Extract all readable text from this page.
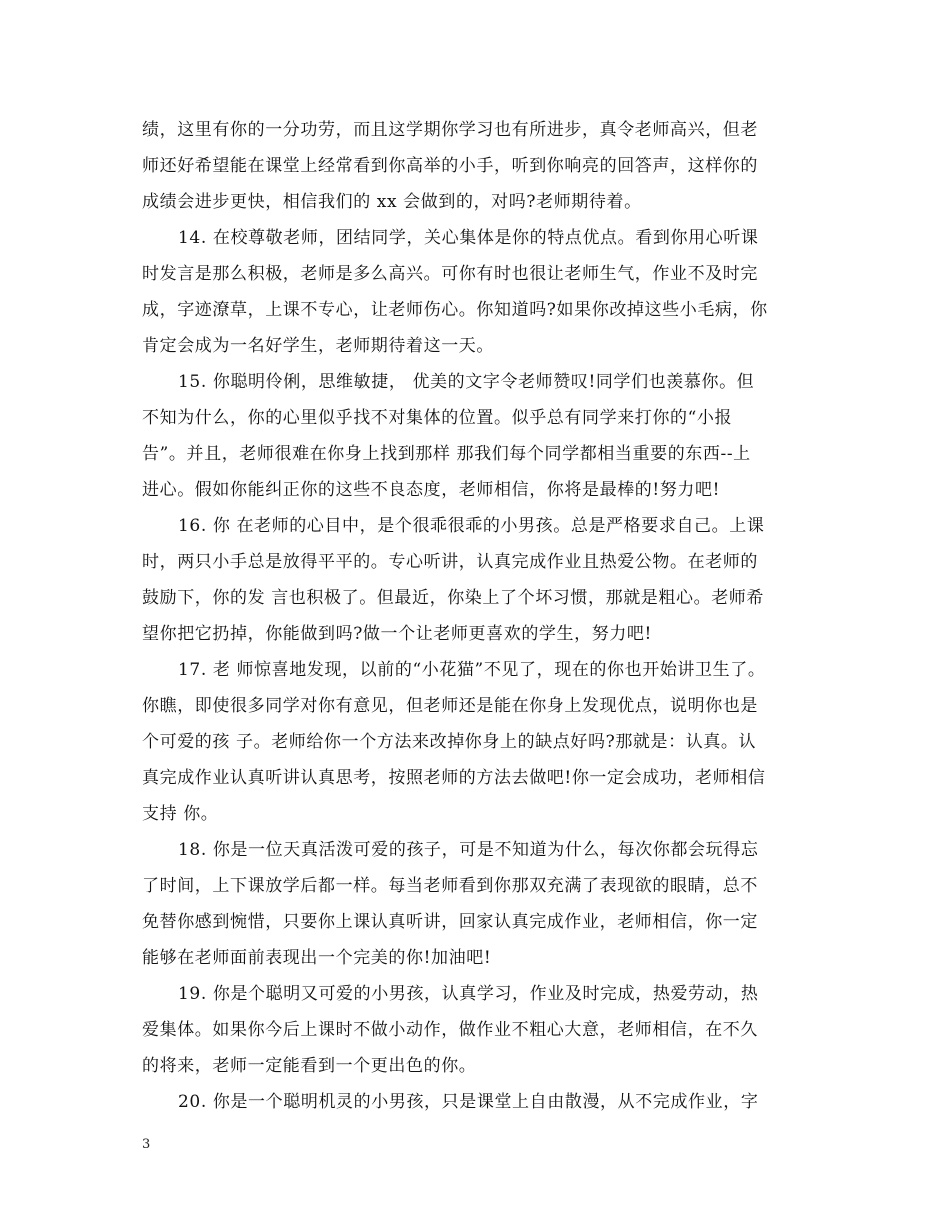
绩，这里有你的一分功劳，而且这学期你学习也有所进步，真令老师高兴，但老
师还好希望能在课堂上经常看到你高举的小手，听到你响亮的回答声，这样你的
成绩会进步更快，相信我们的 xx 会做到的，对吗?老师期待着。
14. 在校尊敬老师，团结同学，关心集体是你的特点优点。看到你用心听课
时发言是那么积极，老师是多么高兴。可你有时也很让老师生气，作业不及时完
成，字迹潦草，上课不专心，让老师伤心。你知道吗?如果你改掉这些小毛病，你
肯定会成为一名好学生，老师期待着这一天。
15. 你聪明伶俐，思维敏捷， 优美的文字令老师赞叹!同学们也羡慕你。但
不知为什么，你的心里似乎找不对集体的位置。似乎总有同学来打你的“小报
告”。并且，老师很难在你身上找到那样 那我们每个同学都相当重要的东西--上
进心。假如你能纠正你的这些不良态度，老师相信，你将是最棒的!努力吧!
16. 你 在老师的心目中，是个很乖很乖的小男孩。总是严格要求自己。上课
时，两只小手总是放得平平的。专心听讲，认真完成作业且热爱公物。在老师的
鼓励下，你的发 言也积极了。但最近，你染上了个坏习惯，那就是粗心。老师希
望你把它扔掉，你能做到吗?做一个让老师更喜欢的学生，努力吧!
17. 老 师惊喜地发现，以前的“小花猫”不见了，现在的你也开始讲卫生了。
你瞧，即使很多同学对你有意见，但老师还是能在你身上发现优点，说明你也是
个可爱的孩 子。老师给你一个方法来改掉你身上的缺点好吗?那就是：认真。认
真完成作业认真听讲认真思考，按照老师的方法去做吧!你一定会成功，老师相信
支持 你。
18. 你是一位天真活泼可爱的孩子，可是不知道为什么，每次你都会玩得忘
了时间，上下课放学后都一样。每当老师看到你那双充满了表现欲的眼睛，总不
免替你感到惋惜，只要你上课认真听讲，回家认真完成作业，老师相信，你一定
能够在老师面前表现出一个完美的你!加油吧!
19. 你是个聪明又可爱的小男孩，认真学习，作业及时完成，热爱劳动，热
爱集体。如果你今后上课时不做小动作，做作业不粗心大意，老师相信，在不久
的将来，老师一定能看到一个更出色的你。
20. 你是一个聪明机灵的小男孩，只是课堂上自由散漫，从不完成作业，字
3
